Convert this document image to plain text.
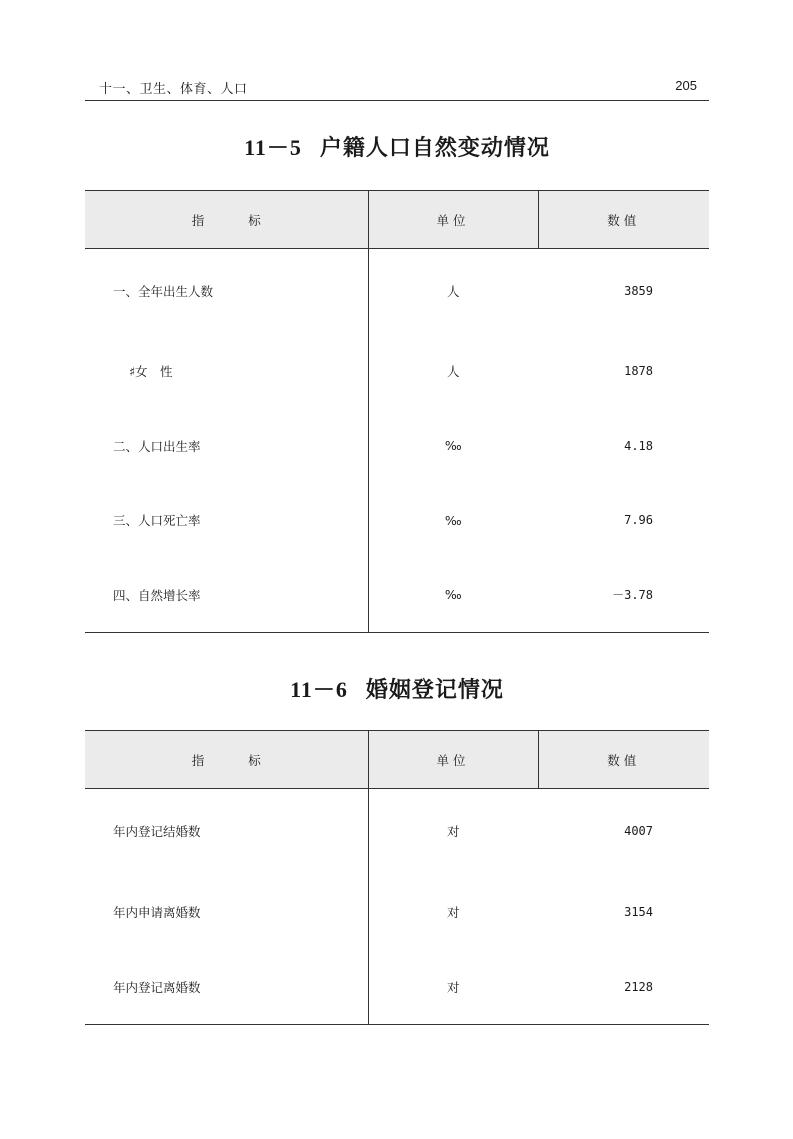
十一、卫生、体育、人口	205
11－5 户籍人口自然变动情况
指 标	单位	数值
一、全年出生人数	人	3859
♯女　性	人	1878
二、人口出生率	‰	4.18
三、人口死亡率	‰	7.96
四、自然增长率	‰	－3.78
11－6 婚姻登记情况
指 标	单位	数值
年内登记结婚数	对	4007
年内申请离婚数	对	3154
年内登记离婚数	对	2128
